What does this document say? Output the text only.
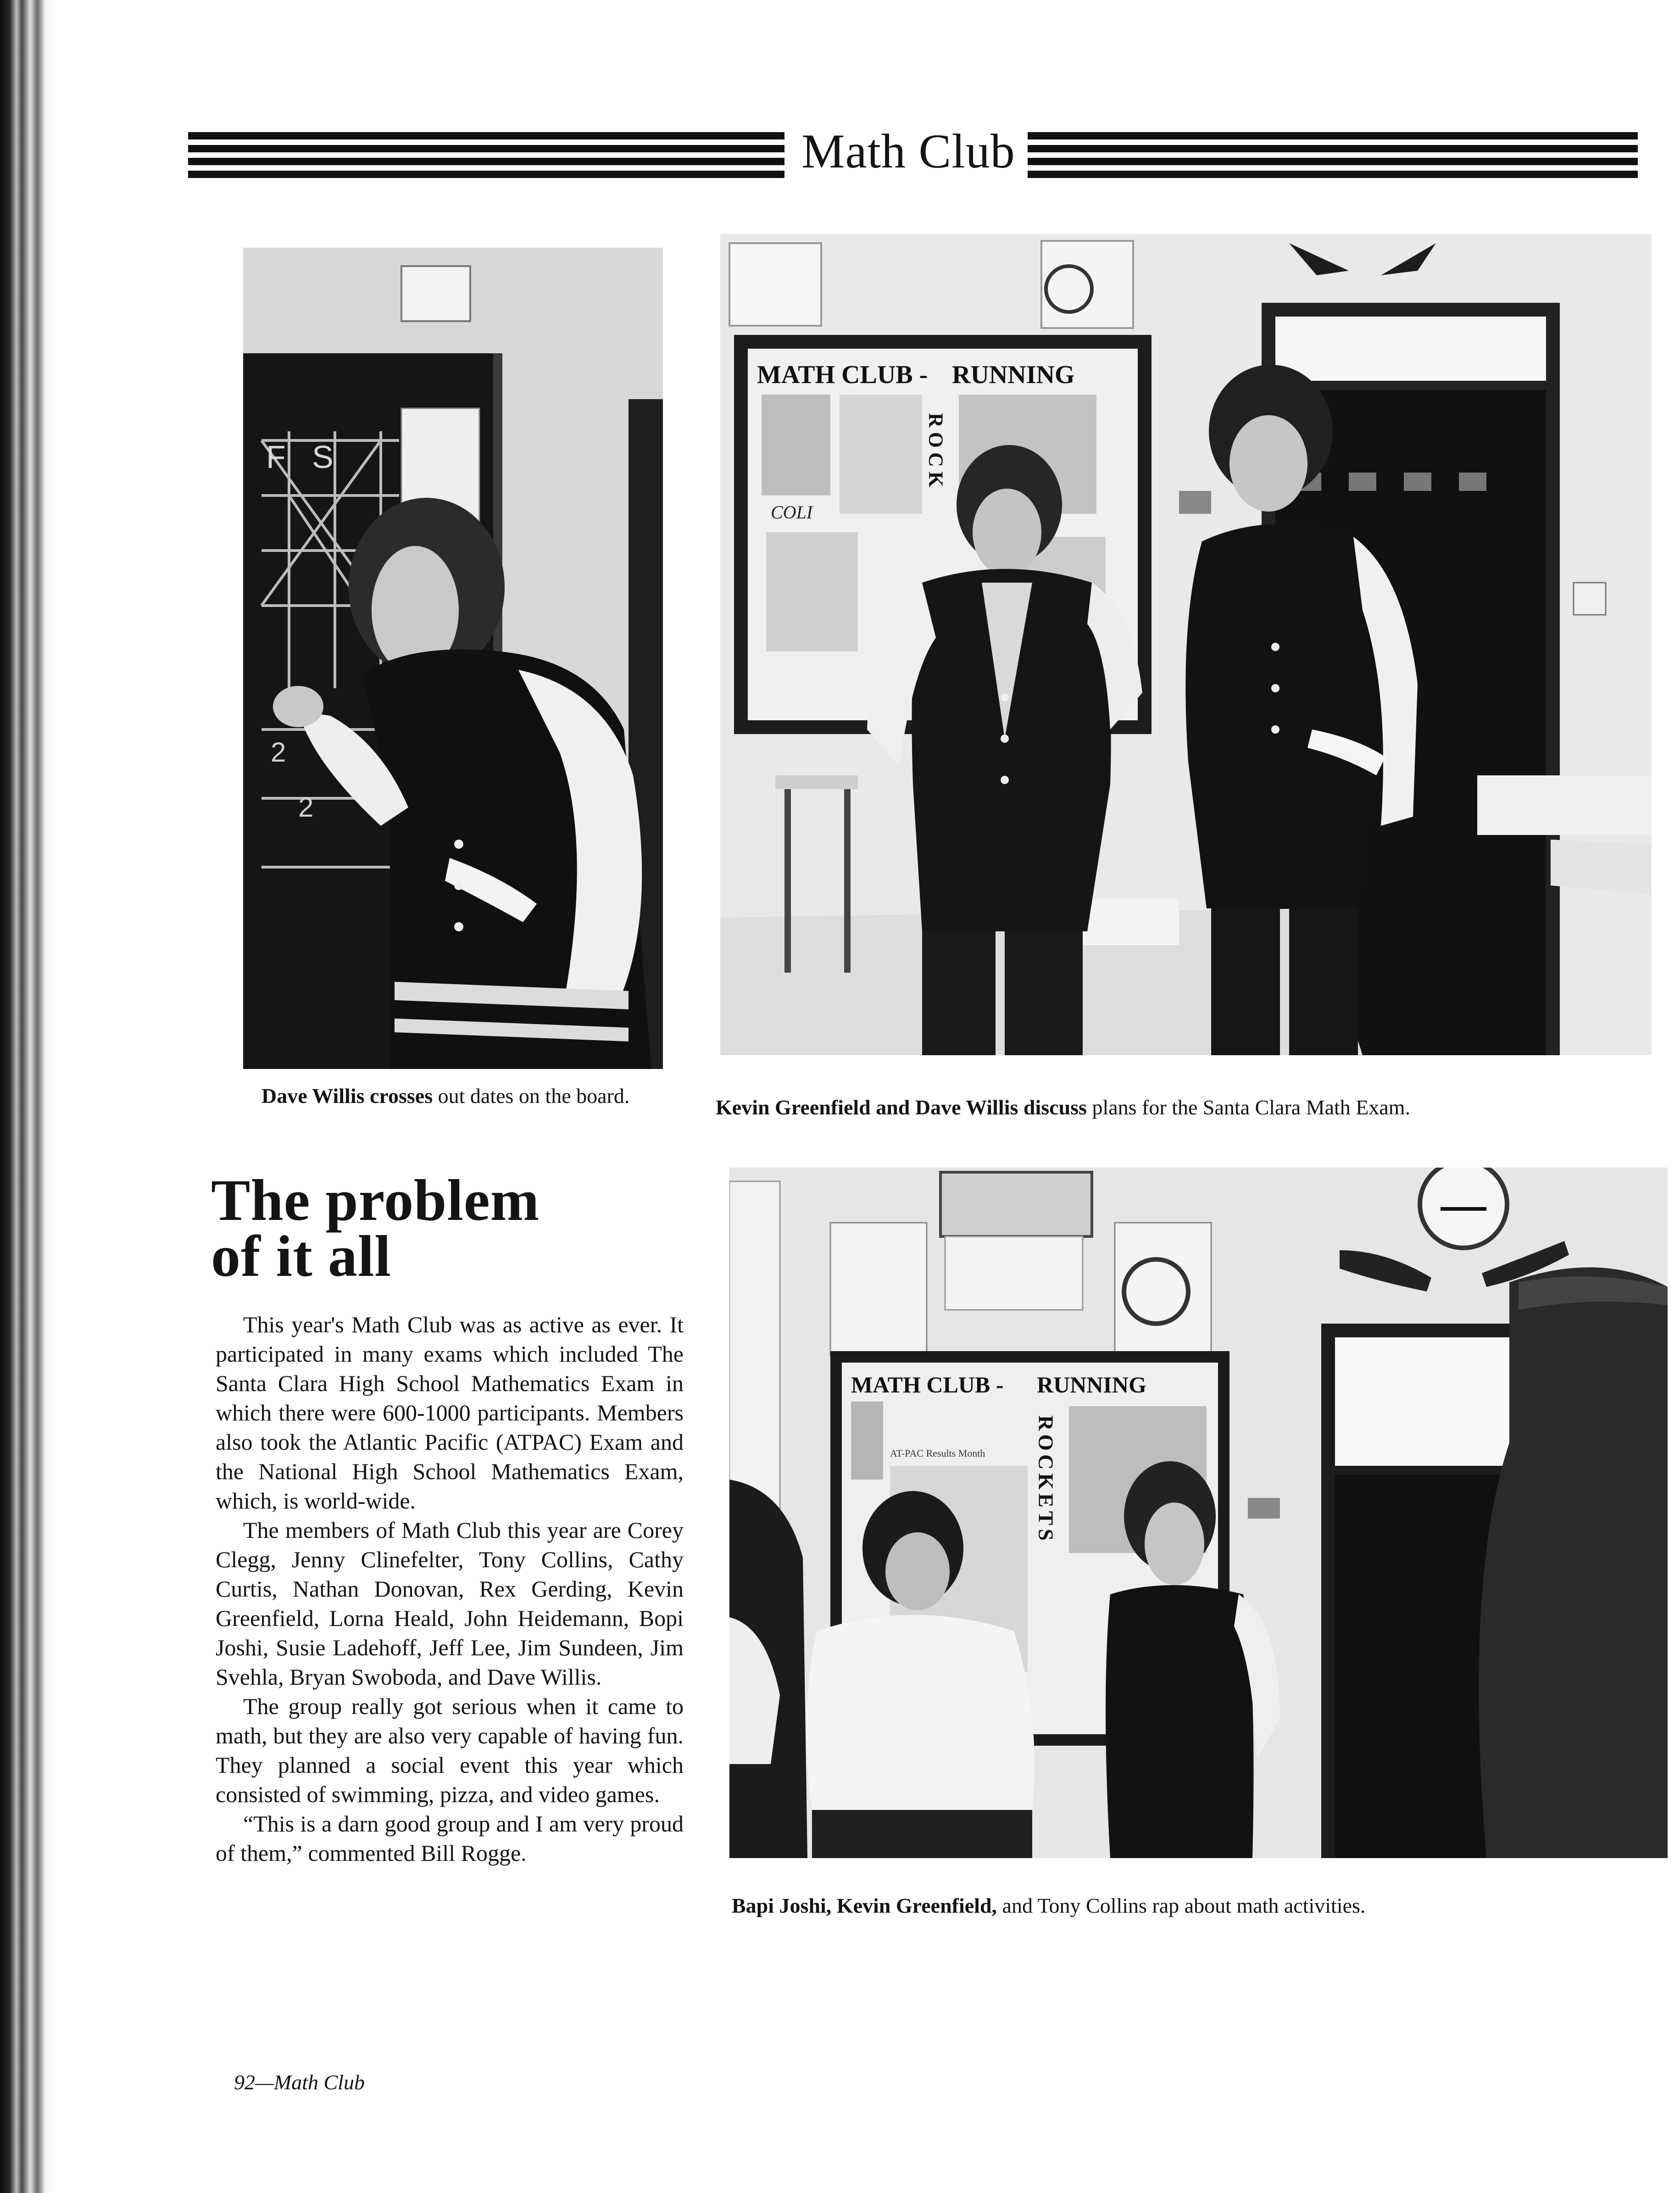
Math Club
2
2
F S
MATH CLUB - RUNNING
ROCK
COLI
Dave Willis crosses out dates on the board.	Kevin Greenfield and Dave Willis discuss plans for the Santa Clara Math Exam.
MATH CLUB - RUNNING
ROCKETS
AT-PAC Results Month
Bapi Joshi, Kevin Greenfield, and Tony Collins rap about math activities.
The problem
of it all

This year's Math Club was as active as ever. It participated in many exams which included The Santa Clara High School Mathematics Exam in which there were 600-1000 participants. Members also took the Atlantic Pacific (ATPAC) Exam and the National High School Mathematics Exam, which, is world-wide.

The members of Math Club this year are Corey Clegg, Jenny Clinefelter, Tony Collins, Cathy Curtis, Nathan Donovan, Rex Gerding, Kevin Greenfield, Lorna Heald, John Heidemann, Bopi Joshi, Susie Ladehoff, Jeff Lee, Jim Sundeen, Jim Svehla, Bryan Swoboda, and Dave Willis.

The group really got serious when it came to math, but they are also very capable of having fun. They planned a social event this year which consisted of swimming, pizza, and video games.

“This is a darn good group and I am very proud of them,” commented Bill Rogge.

92—Math Club
